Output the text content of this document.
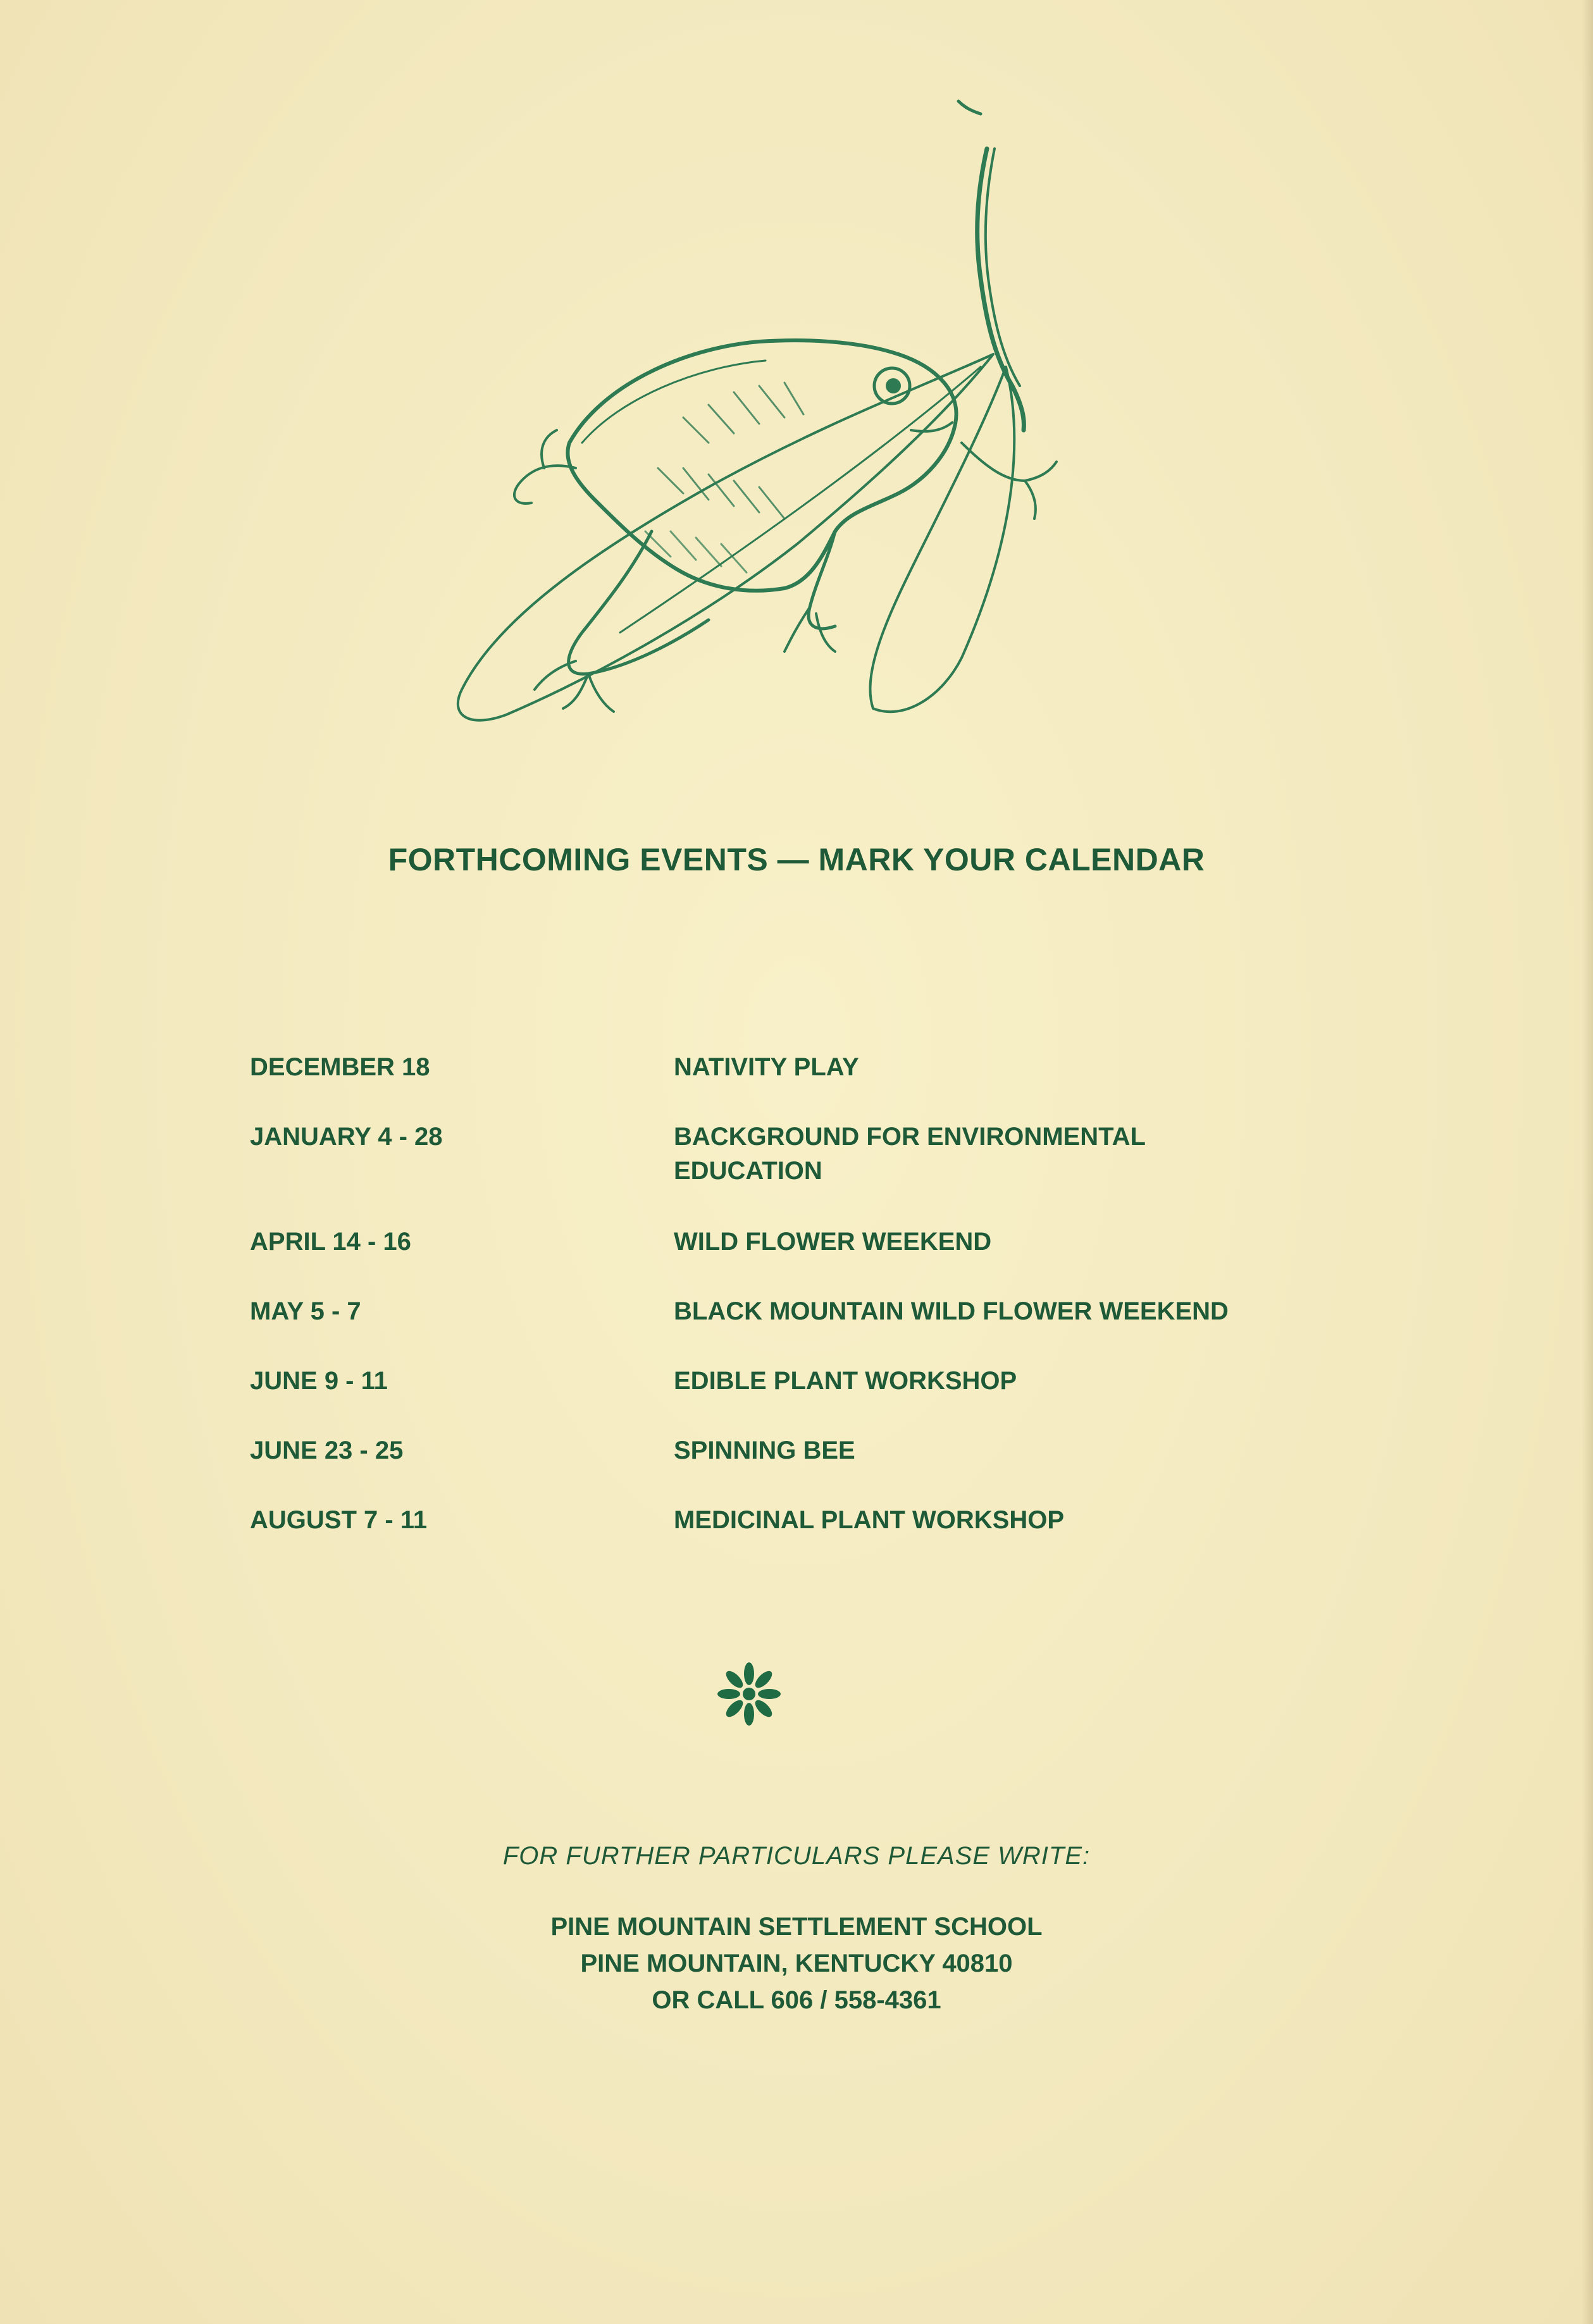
FORTHCOMING EVENTS — MARK YOUR CALENDAR
DECEMBER 18	NATIVITY PLAY
JANUARY 4 - 28	BACKGROUND FOR ENVIRONMENTAL EDUCATION
APRIL 14 - 16	WILD FLOWER WEEKEND
MAY 5 - 7	BLACK MOUNTAIN WILD FLOWER WEEKEND
JUNE 9 - 11	EDIBLE PLANT WORKSHOP
JUNE 23 - 25	SPINNING BEE
AUGUST 7 - 11	MEDICINAL PLANT WORKSHOP
FOR FURTHER PARTICULARS PLEASE WRITE:
PINE MOUNTAIN SETTLEMENT SCHOOL
PINE MOUNTAIN, KENTUCKY 40810
OR CALL 606 / 558-4361
